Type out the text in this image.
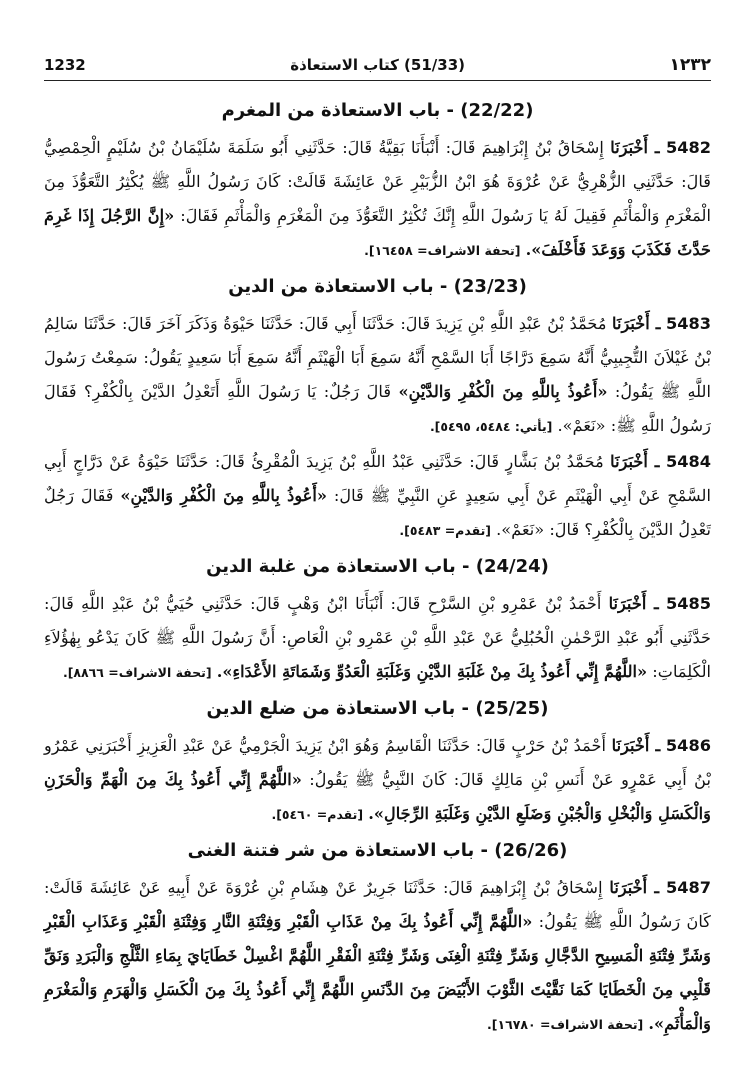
1232	(51/33) كتاب الاستعاذة	١٢٣٢
(22/22) - باب الاستعاذة من المغرم

5482 ـ أَخْبَرَنَا إِسْحَاقُ بْنُ إِبْرَاهِيمَ قَالَ: أَنْبَأَنَا بَقِيَّةُ قَالَ: حَدَّثَنِي أَبُو سَلَمَةَ سُلَيْمَانُ بْنُ سُلَيْمٍ الْحِمْصِيُّ قَالَ: حَدَّثَنِي الزُّهْرِيُّ عَنْ عُرْوَةَ هُوَ ابْنُ الزُّبَيْرِ عَنْ عَائِشَةَ قَالَتْ: كَانَ رَسُولُ اللَّهِ ﷺ يُكْثِرُ التَّعَوُّذَ مِنَ الْمَغْرَمِ وَالْمَأْثَمِ فَقِيلَ لَهُ يَا رَسُولَ اللَّهِ إِنَّكَ تُكْثِرُ التَّعَوُّذَ مِنَ الْمَغْرَمِ وَالْمَأْثَمِ فَقَالَ: «إِنَّ الرَّجُلَ إِذَا غَرِمَ حَدَّثَ فَكَذَبَ وَوَعَدَ فَأَخْلَفَ». [تحفة الاشراف= ١٦٤٥٨].

(23/23) - باب الاستعاذة من الدين

5483 ـ أَخْبَرَنَا مُحَمَّدُ بْنُ عَبْدِ اللَّهِ بْنِ يَزِيدَ قَالَ: حَدَّثَنَا أَبِي قَالَ: حَدَّثَنَا حَيْوَةُ وَذَكَرَ آخَرَ قَالَ: حَدَّثَنَا سَالِمُ بْنُ غَيْلاَنَ التُّجِيبِيُّ أَنَّهُ سَمِعَ دَرَّاجًا أَبَا السَّمْحِ أَنَّهُ سَمِعَ أَبَا الْهَيْثَمِ أَنَّهُ سَمِعَ أَبَا سَعِيدٍ يَقُولُ: سَمِعْتُ رَسُولَ اللَّهِ ﷺ يَقُولُ: «أَعُوذُ بِاللَّهِ مِنَ الْكُفْرِ وَالدَّيْنِ» قَالَ رَجُلٌ: يَا رَسُولَ اللَّهِ أَتَعْدِلُ الدَّيْنَ بِالْكُفْرِ؟ فَقَالَ رَسُولُ اللَّهِ ﷺ: «نَعَمْ». [يأتي: ٥٤٨٤، ٥٤٩٥].

5484 ـ أَخْبَرَنَا مُحَمَّدُ بْنُ بَشَّارٍ قَالَ: حَدَّثَنِي عَبْدُ اللَّهِ بْنُ يَزِيدَ الْمُقْرِئُ قَالَ: حَدَّثَنَا حَيْوَةُ عَنْ دَرَّاجٍ أَبِي السَّمْحِ عَنْ أَبِي الْهَيْثَمِ عَنْ أَبِي سَعِيدٍ عَنِ النَّبِيِّ ﷺ قَالَ: «أَعُوذُ بِاللَّهِ مِنَ الْكُفْرِ وَالدَّيْنِ» فَقَالَ رَجُلٌ تَعْدِلُ الدَّيْنَ بِالْكُفْرِ؟ قَالَ: «نَعَمْ». [تقدم= ٥٤٨٣].

(24/24) - باب الاستعاذة من غلبة الدين

5485 ـ أَخْبَرَنَا أَحْمَدُ بْنُ عَمْرِو بْنِ السَّرْحِ قَالَ: أَنْبَأَنَا ابْنُ وَهْبٍ قَالَ: حَدَّثَنِي حُيَيُّ بْنُ عَبْدِ اللَّهِ قَالَ: حَدَّثَنِي أَبُو عَبْدِ الرَّحْمٰنِ الْحُبُلِيُّ عَنْ عَبْدِ اللَّهِ بْنِ عَمْرِو بْنِ الْعَاصِ: أَنَّ رَسُولَ اللَّهِ ﷺ كَانَ يَدْعُو بِهٰؤُلاَءِ الْكَلِمَاتِ: «اللَّهُمَّ إِنِّي أَعُوذُ بِكَ مِنْ غَلَبَةِ الدَّيْنِ وَغَلَبَةِ الْعَدُوِّ وَشَمَاتَةِ الأَعْدَاءِ». [تحفة الاشراف= ٨٨٦٦].

(25/25) - باب الاستعاذة من ضلع الدين

5486 ـ أَخْبَرَنَا أَحْمَدُ بْنُ حَرْبٍ قَالَ: حَدَّثَنَا الْقَاسِمُ وَهُوَ ابْنُ يَزِيدَ الْجَرْمِيُّ عَنْ عَبْدِ الْعَزِيزِ أَخْبَرَنِي عَمْرُو بْنُ أَبِي عَمْرٍو عَنْ أَنَسِ بْنِ مَالِكٍ قَالَ: كَانَ النَّبِيُّ ﷺ يَقُولُ: «اللَّهُمَّ إِنِّي أَعُوذُ بِكَ مِنَ الْهَمِّ وَالْحَزَنِ وَالْكَسَلِ وَالْبُخْلِ وَالْجُبْنِ وَضَلَعِ الدَّيْنِ وَغَلَبَةِ الرِّجَالِ». [تقدم= ٥٤٦٠].

(26/26) - باب الاستعاذة من شر فتنة الغنى

5487 ـ أَخْبَرَنَا إِسْحَاقُ بْنُ إِبْرَاهِيمَ قَالَ: حَدَّثَنَا جَرِيرٌ عَنْ هِشَامِ بْنِ عُرْوَةَ عَنْ أَبِيهِ عَنْ عَائِشَةَ قَالَتْ: كَانَ رَسُولُ اللَّهِ ﷺ يَقُولُ: «اللَّهُمَّ إِنِّي أَعُوذُ بِكَ مِنْ عَذَابِ الْقَبْرِ وَفِتْنَةِ النَّارِ وَفِتْنَةِ الْقَبْرِ وَعَذَابِ الْقَبْرِ وَشَرِّ فِتْنَةِ الْمَسِيحِ الدَّجَّالِ وَشَرِّ فِتْنَةِ الْغِنَى وَشَرِّ فِتْنَةِ الْفَقْرِ اللَّهُمَّ اغْسِلْ خَطَايَايَ بِمَاءِ الثَّلْجِ وَالْبَرَدِ وَنَقِّ قَلْبِي مِنَ الْخَطَايَا كَمَا نَقَّيْتَ الثَّوْبَ الأَبْيَضَ مِنَ الدَّنَسِ اللَّهُمَّ إِنِّي أَعُوذُ بِكَ مِنَ الْكَسَلِ وَالْهَرَمِ وَالْمَغْرَمِ وَالْمَأْثَمِ». [تحفة الاشراف= ١٦٧٨٠].
